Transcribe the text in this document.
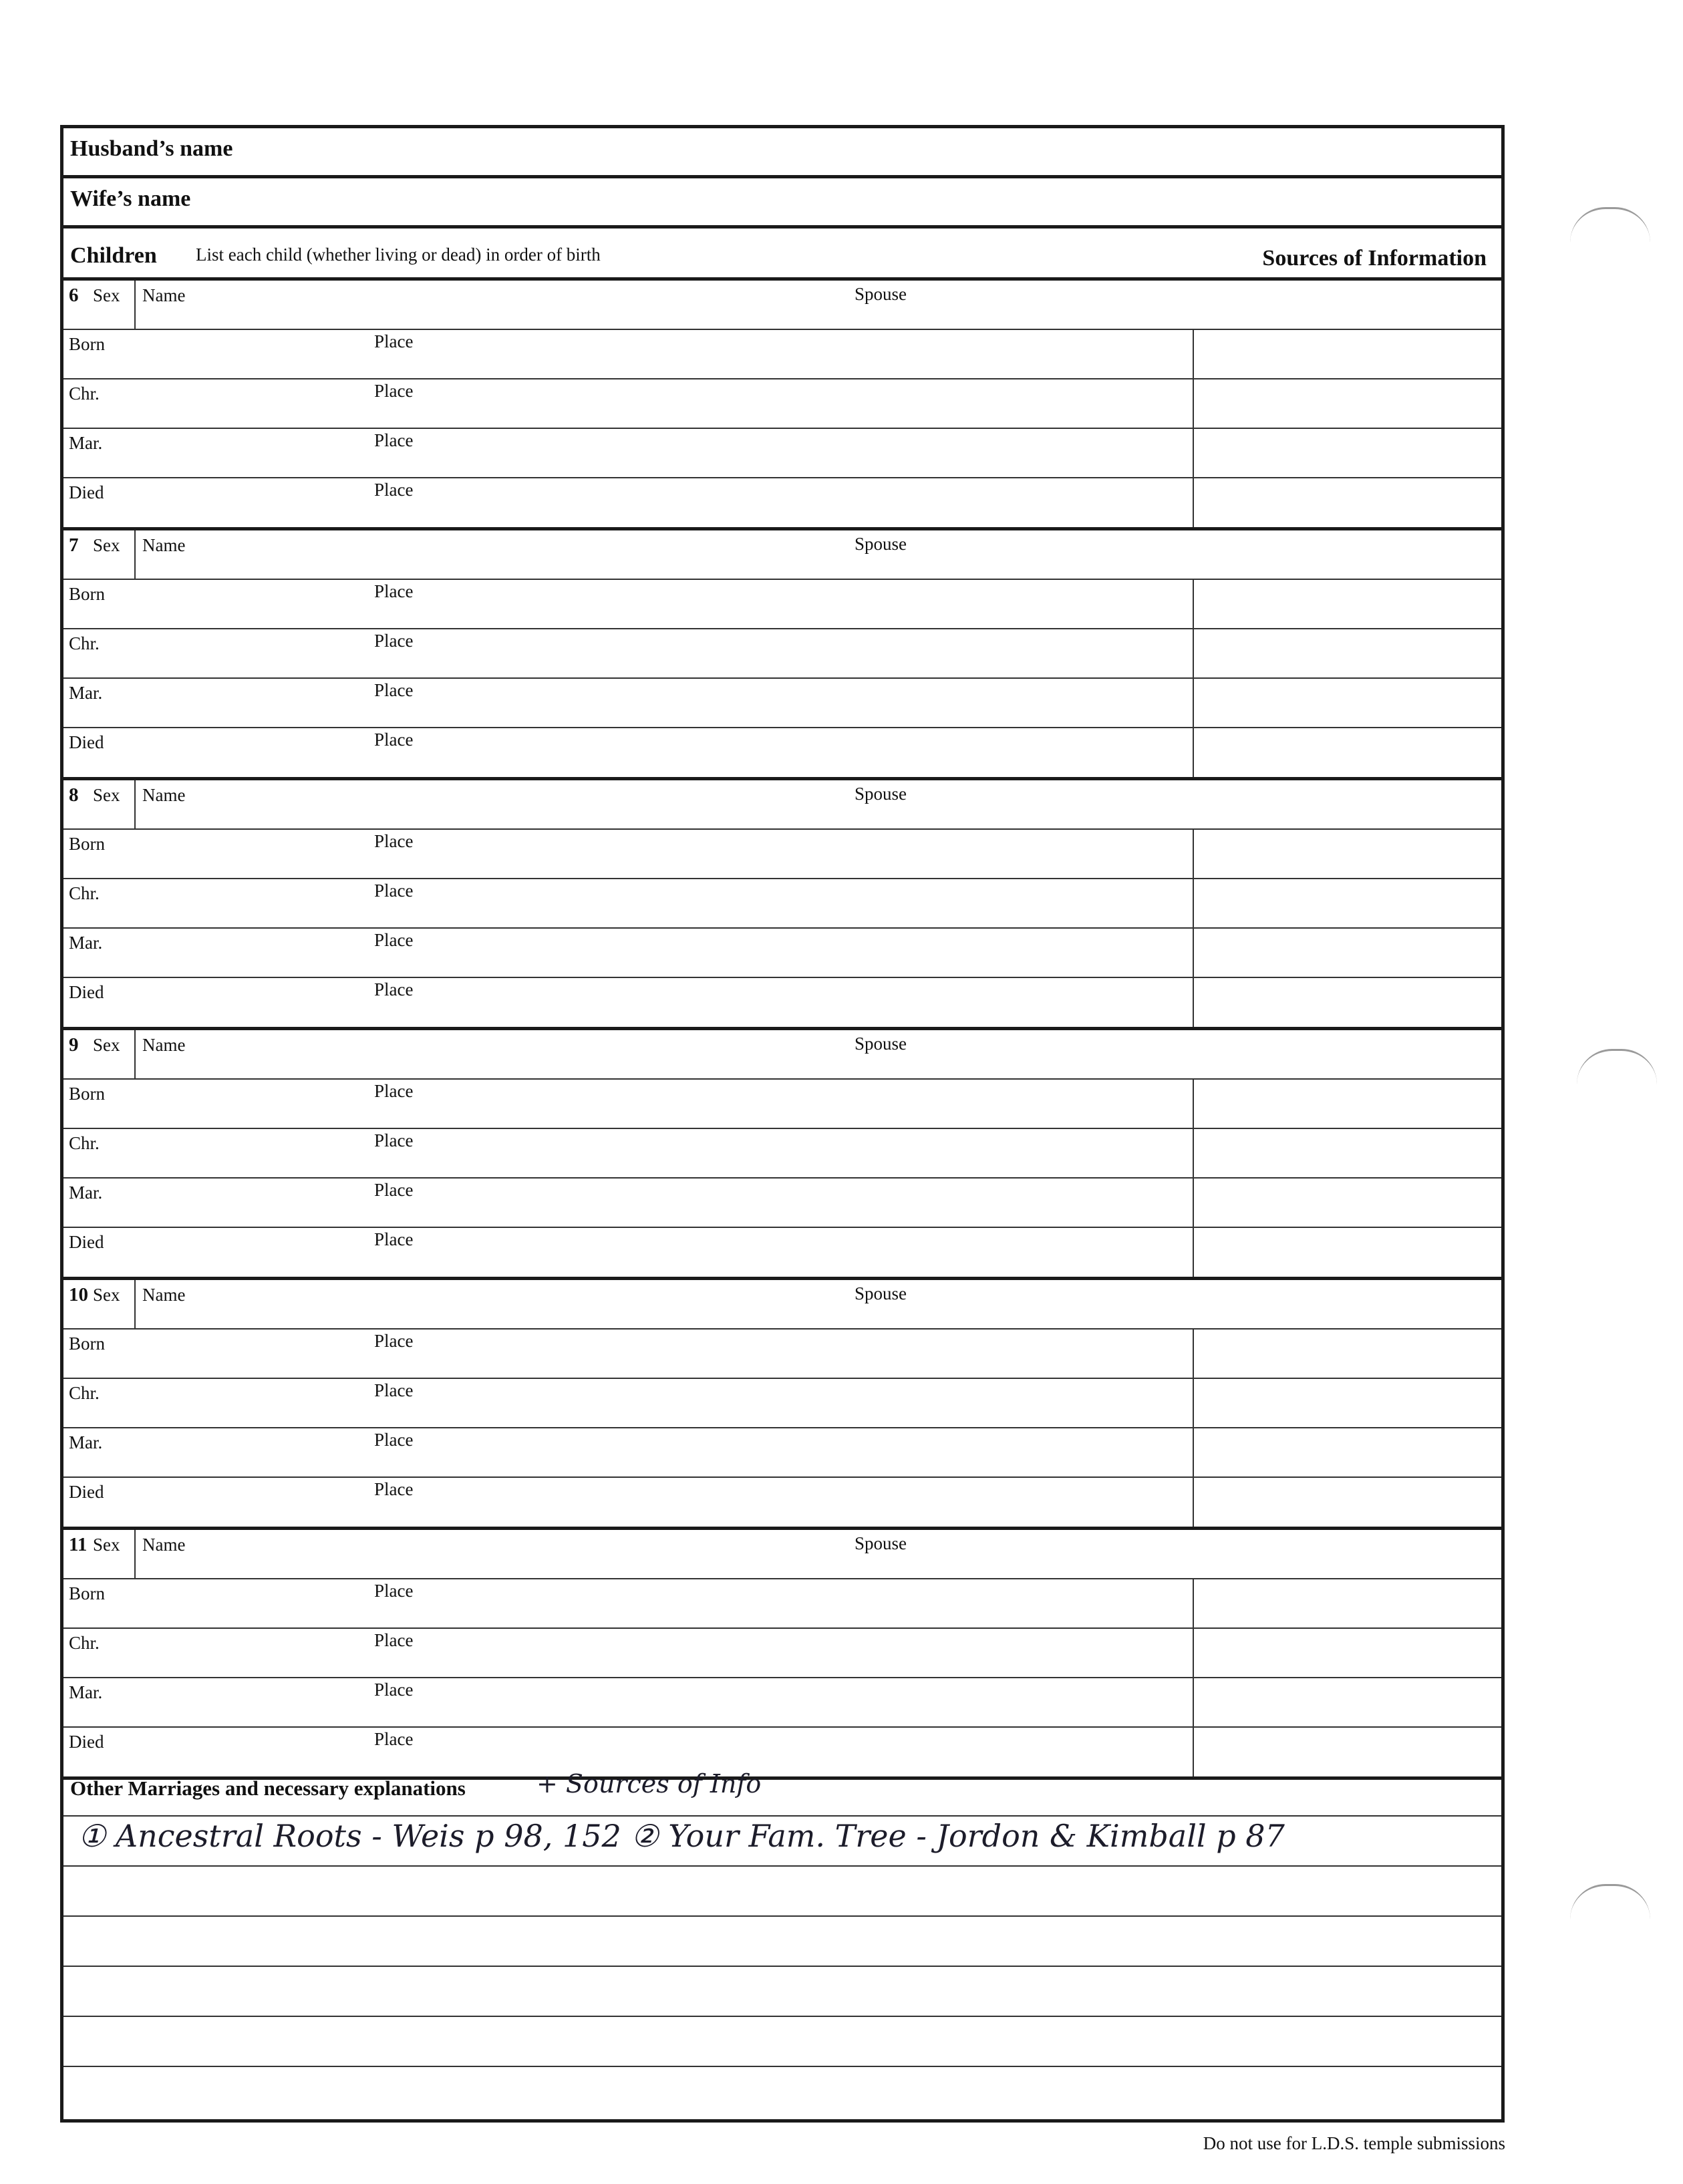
Husband’s name
Wife’s name
Children List each child (whether living or dead) in order of birth	Sources of Information
6 Sex Name	Spouse
Born	Place
Chr.	Place
Mar.	Place
Died	Place
7 Sex Name	Spouse
Born	Place
Chr.	Place
Mar.	Place
Died	Place
8 Sex Name	Spouse
Born	Place
Chr.	Place
Mar.	Place
Died	Place
9 Sex Name	Spouse
Born	Place
Chr.	Place
Mar.	Place
Died	Place
10 Sex Name	Spouse
Born	Place
Chr.	Place
Mar.	Place
Died	Place
11 Sex Name	Spouse
Born	Place
Chr.	Place
Mar.	Place
Died	Place
Other Marriages and necessary explanations	+ Sources of Info
① Ancestral Roots - Weis p 98, 152 ② Your Fam. Tree - Jordon & Kimball p 87
Do not use for L.D.S. temple submissions
